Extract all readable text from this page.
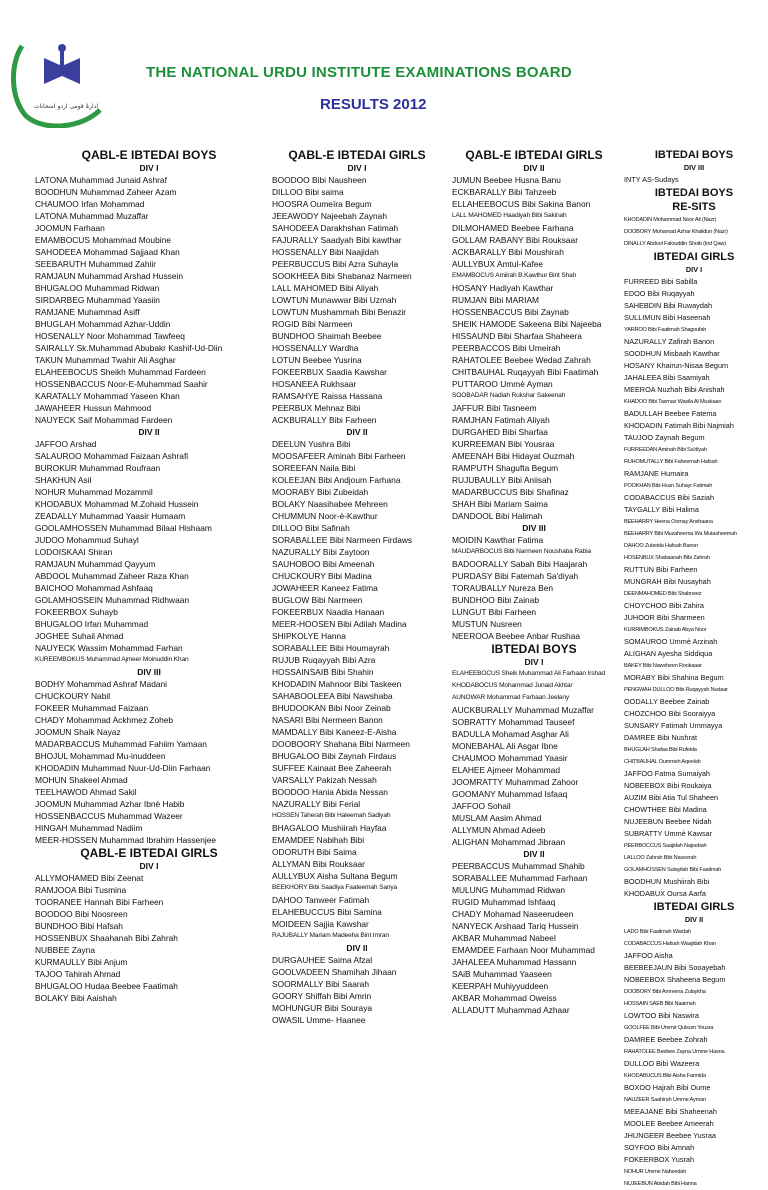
ادارۂ قومی اردو امتحانات
THE NATIONAL URDU INSTITUTE EXAMINATIONS BOARD
RESULTS 2012
QABL-E IBTEDAI BOYS
DIV I
LATONA Muhammad Junaid Ashraf
BOODHUN Muhammad Zaheer Azam
CHAUMOO Irfan Mohammad
LATONA Muhammad Muzaffar
JOOMUN Farhaan
EMAMBOCUS Mohammad Moubine
SAHODEEA Mohammad Sajjaad Khan
SEEBARUTH Muhammad Zahiir
RAMJAUN Muhammad Arshad Hussein
BHUGALOO Muhammad Ridwan
SIRDARBEG Muhammad Yaasiin
RAMJANE Muhammad Asiff
BHUGLAH Mohammad Azhar-Uddin
HOSENALLY Noor Mohammad Tawfeeq
SAIRALLY Sk.Muhammad Abubakr Kashif-Ud-Diin
TAKUN Muhammad Twahir Ali Asghar
ELAHEEBOCUS Sheikh Muhammad Fardeen
HOSSENBACCUS Noor-E-Muhammad Saahir
KARATALLY Mohammad Yaseen Khan
JAWAHEER Hussun Mahmood
NAUYECK Saif Mohammad Fardeen
DIV II
JAFFOO Arshad
SALAUROO Mohammad Faizaan Ashrafi
BUROKUR Muhammad Roufraan
SHAKHUN Asil
NOHUR Muhammad Mozammil
KHODABUX Mohammad M.Zohaid Hussein
ZEADALLY Muhammad Yaasir Humaam
GOOLAMHOSSEN Muhammad Bilaal Hishaam
JUDOO Mohammud Suhayl
LODOISKAAI Shiran
RAMJAUN Muhammad Qayyum
ABDOOL Muhammad Zaheer Raza Khan
BAICHOO Mohammad Ashfaaq
GOLAMHOSSEIN Muhammad Ridhwaan
FOKEERBOX Suhayb
BHUGALOO Irfan Muhammad
JOGHEE Suhail Ahmad
NAUYECK Wassim Mohammad Farhan
KUREEMBOKUS Muhammad Ajmeer Moinuddin Khan
DIV III
BODHY Mohammad Ashraf Madani
CHUCKOURY Nabil
FOKEER Muhammad Faizaan
CHADY Mohammad Ackhmez Zoheb
JOOMUN Shaik Nayaz
MADARBACCUS Muhammad Fahiim Yamaan
BHOJUL Mohammad Mu-inuddeen
KHODADIN Muhammad Nuur-Ud-Diin Farhaan
MOHUN Shakeel Ahmad
TEELHAWOD Ahmad Sakil
JOOMUN Muhammad Azhar Ibnè Habib
HOSSENBACCUS Muhammad Wazeer
HINGAH Muhammad Nadiim
MEER-HOSSEN Muhammad Ibrahim Hassenjee
QABL-E IBTEDAI GIRLS
DIV I
ALLYMOHAMED Bibi Zeenat
RAMJOOA Bibi Tusmina
TOORANEE Hannah Bibi Farheen
BOODOO Bibi Noosreen
BUNDHOO Bibi Hafsah
HOSSENBUX Shaahanah Bibi Zahrah
NUBBEE Zayna
KURMAULLY Bibi Anjum
TAJOO Tahirah Ahmad
BHUGALOO Hudaa Beebee Faatimah
BOLAKY Bibi Aaishah
QABL-E IBTEDAI GIRLS
DIV I
BOODOO Bibi Nausheen
DILLOO Bibi saima
HOOSRA Oumeïra Begum
JEEAWODY Najeebah Zaynah
SAHODEEA Darakhshan Fatimah
FAJURALLY Saadyah Bibi kawthar
HOSSENALLY Bibi Naajidah
PEERBUCCUS Bibi Azra Suhayla
SOOKHEEA Bibi Shabanaz Narmeen
LALL MAHOMED Bibi Aliyah
LOWTUN Munawwar Bibi Uzmah
LOWTUN Mushammah Bibi Benazir
ROGID Bibi Narmeen
BUNDHOO Shaimah Beebee
HOSSENALLY Wardha
LOTUN Beebee Yusrina
FOKEERBUX Saadia Kawshar
HOSANEEA Rukhsaar
RAMSAHYE Raissa Hassana
PEERBUX Mehnaz Bibi
ACKBURALLY Bibi Farheen
DIV II
DEELUN Yushra Bibi
MOOSAFEER Aminah Bibi Farheen
SOREEFAN Naila Bibi
KOLEEJAN Bibi Andjoum Farhana
MOORABY Bibi Zubeidah
BOLAKY Naasihabee Mehreen
CHUMMUN Noor-è-Kawthur
DILLOO Bibi Safinah
SORABALLEE Bibi Narmeen Firdaws
NAZURALLY Bibi Zaytoon
SAUHOBOO Bibi Ameenah
CHUCKOURY Bibi Madina
JOWAHEER Kaneez Fatima
BUGLOW Bibi Narmeen
FOKEERBUX Naadia Hanaan
MEER-HOOSEN Bibi Adilah Madina
SHIPKOLYE Hanna
SORABALLEE Bibi Houmayrah
RUJUB Ruqayyah Bibi Azra
HOSSAINSAIB Bibi Shahin
KHODADIN Mahnoor Bibi Taskeen
SAHABOOLEEA Bibi Nawshaba
BHUDOOKAN Bibi Noor Zeinab
NASARI Bibi Nermeen Banon
MAMDALLY Bibi Kaneez-E-Aisha
DOOBOORY Shahana Bibi Narmeen
BHUGALOO Bibi Zaynah Firdaus
SUFFEE Kainaat Bee Zaheerah
VARSALLY Pakizah Nessah
BOODOO Hania Abida Nessan
NAZURALLY Bibi Ferial
HOSSEN Taherah Bibi Haleemah Sadiyah
BHAGALOO Mushiirah Hayfaa
EMAMDEE Nabihah Bibi
ODORUTH Bibi Saima
ALLYMAN Bibi Rouksaar
AULLYBUX Aisha Sultana Begum
BEEKHORY Bibi Saadiya Faateemah Sanya
DAHOO Tanweer Fatimah
ELAHEBUCCUS Bibi Samina
MOIDEEN Sajjia Kawshar
RAJUBALLY Mariam Madeeha Bint Imran
DIV II
DURGAUHEE Saima Afzal
GOOLVADEEN Shamihah Jihaan
SOORMALLY Bibi Saarah
GOORY Shiffah Bibi Amrin
MOHUNGUR Bibi Souraya
OWASIL Umme- Haanee
QABL-E IBTEDAI GIRLS
DIV II
JUMUN Beebee Husna Banu
ECKBARALLY Bibi Tahzeeb
ELLAHEEBOCUS Bibi Sakina Banon
LALL MAHOMED Haadiyah Bibi Sakinah
DILMOHAMED Beebee Farhana
GOLLAM RABANY Bibi Rouksaar
ACKBARALLY Bibi Moushirah
AULLYBUX Amtul-Kafee
EMAMBOCUS Amiirah B.Kawthur Bint Shah
HOSANY Hadiyah Kawthar
RUMJAN Bibi MARIAM
HOSSENBACCUS Bibi Zaynab
SHEIK HAMODE Sakeena Bibi Najeeba
HISSAUND Bibi Sharfaa Shaheera
PEERBACCOS Bibi Umeirah
RAHATOLEE Beebee Wedad Zahrah
CHITBAUHAL Ruqayyah Bibi Faatimah
PUTTAROO Ummè Ayman
SOOBADAR Nadiah Rukshar Sakeenah
JAFFUR Bibi Tasneem
RAMJHAN Fatimah Aliyah
DURGAHED Bibi Sharfaa
KURREEMAN Bibi Yousraa
AMEENAH Bibi Hidayat Ouzmah
RAMPUTH Shagufta Begum
RUJUBAULLY Bibi Aniisah
MADARBUCCUS Bibi Shafinaz
SHAH Bibi Mariam Saima
DANDOOL Bibi Halimah
DIV III
MOIDIN Kawthar Fatima
MAUDARBOCUS Bibi Narmeen Noushaba Rabia
BADOORALLY Sabah Bibi Haajarah
PURDASY Bibi Fatemah Sa'diyah
TORAUBALLY Nureza Ben
BUNDHOO Bibi Zainab
LUNGUT Bibi Farheen
MUSTUN Nusreen
NEEROOA Beebee Anbar Rushaa
IBTEDAI BOYS
DIV I
ELAHEEBOCUS Sheik Muhammad Ali Farhaan Irshad
KHODABOCUS Mohammad Junaid Akhtar
AUNOWAR Mohammad Farhaan Jeelany
AUCKBURALLY Muhammad Muzaffar
SOBRATTY Mohammad Tauseef
BADULLA Mohamad Asghar Ali
MONEBAHAL Ali Asgar Ibne
CHAUMOO Mohammad Yaasir
ELAHEE Ajmeer Mohammad
JOOMRATTY Muhammad Zahoor
GOOMANY Muhammad Isfaaq
JAFFOO Sohail
MUSLAM Aasim Ahmad
ALLYMUN Ahmad Adeeb
ALIGHAN Mohammad Jibraan
DIV II
PEERBACCUS Muhammad Shahib
SORABALLEE Muhammad Farhaan
MULUNG Muhammad Ridwan
RUGID Muhammad Ishfaaq
CHADY Mohamad Naseerudeen
NANYECK Arshaad Tariq Hussein
AKBAR Muhammad Nabeel
EMAMDEE Farhaan Noor Muhammad
JAHALEEA Muhammad Hassann
SAiB Muhammad Yaaseen
KEERPAH Muhiyyuddeen
AKBAR Mohammad Oweiss
ALLADUTT Muhammad Azhaar
IBTEDAI BOYS
DIV III
INTY AS-Sudays
IBTEDAI BOYS
RE-SITS
KHODADIN Mohammad Noor Ali (Nazr)
DOOBORY Mohamad Azhar Khalidun (Nazr)
DINALLY Abdool Fakruddin Shoib (Ind Qaw)
IBTEDAI GIRLS
DIV I
FURREED Bibi Sabilla
EDOO Bibi Ruqayyah
SAHEBDIN Bibi Ruwaydah
SULLIMUN Bibi Haseenah
YARROO Bibi Faatimah Shagoufah
NAZURALLY Zafirah Banon
SOODHUN Misbaah Kawthar
HOSANY Khairun-Nisaa Begum
JAHALEEA Bibi Saamiyah
MEEROA Nuzhah Bibi Anishah
KHADOO Bibi Tasmaz Wasila Al Muskaan
BADULLAH Beebee Fatema
KHODADIN Fatimah Bibi Najmiah
TAUJOO Zaynah Begum
FURREEDAN Aminah Bibi Sa'diyah
RUHOMUTALLY Bibi Faheemah Hafsah
RAMJANE Humaira
POOKHAN Bibi Husn Suhayr Fatimah
CODABACCUS Bibi Saziah
TAYGALLY Bibi Halima
BEEHARRY Heena Oomay Anshaana
BEEHARRY Bibi Muzaheema Wa Mutasheemah
DAHOO Zubeida Hafsah Banon
HOSENBUX Shabaanah Bibi Zahrah
RUTTUN Bibi Farheen
MUNGRAH Bibi Nusayhah
DEENMAHOMED Bibi Shabneez
CHOYCHOO Bibi Zahira
JUHOOR Bibi Sharmeen
KURRIMBOKUS Zainab Abya Noor
SOMAUROO Ummè Arzinah
ALIGHAN Ayesha Siddiqua
BAKEY Bibi Nawsheen Rookaaar
MORABY Bibi Shahina Begum
PENGWAH DULLOO Bibi Ruqayyah Nudaar
OODALLY Beebee Zainab
CHOZCHOO Bibi Sooraiyya
SUNSARY Fatimah Ummayya
DAMREE Bibi Nushrat
BHUGLAH Shafaa Bibi Rufeida
CHITBAUHAL Oummeh Aqeelah
JAFFOO Fatma Sumaiyah
NOBEEBOX Bibi Roukaiya
AUZIM Bibi Atia Tul Shaheen
CHOWTHEE Bibi Madina
NUJEEBUN Beebee Nidah
SUBRATTY Ummè Kawsar
PEERBOCCUS Saajidah Najeebah
LALLOO Zahrah Bibi Naseerah
GOLAMHOSSEN Sutayilah Bibi Faatimah
BOODHUN Mushiirah Bibi
KHODABUX Oursa Aarfa
IBTEDAI GIRLS
DIV II
LADO Bibi Faatimah Wardah
CODABACCUS Hafsah Waajidah Khan
JAFFOO Aisha
BEEBEEJAUN Bibi Sooayebah
NOBEEBOX Shaheena Begum
DOOBORY Bibi Amreena Zulaykha
HOSSAIN SAEB Bibi Naaimah
LOWTOO Bibi Naswira
GOOLFEE Bibi Ummè Qulsum Yousra
DAMREE Beebee Zohrah
RAHATOLEE Beebee Zayna Umme Hasna
DULLOO Bibi Wazeera
KHODABUCUS Bibi Aisha Farmida
BOXOO Hajrah Bibi Oume
NAUZEER Saahirah Umme Ayman
MEEAJANE Bibi Shaheenah
MOOLEE Beebee Ameerah
JHUNGEER Beebee Yusraa
SOYFOO Bibi Amnah
FOKEERBOX Yusrah
NOHUR Umme Naheedah
NUJEEBUN Abidah Bibi Hanna
